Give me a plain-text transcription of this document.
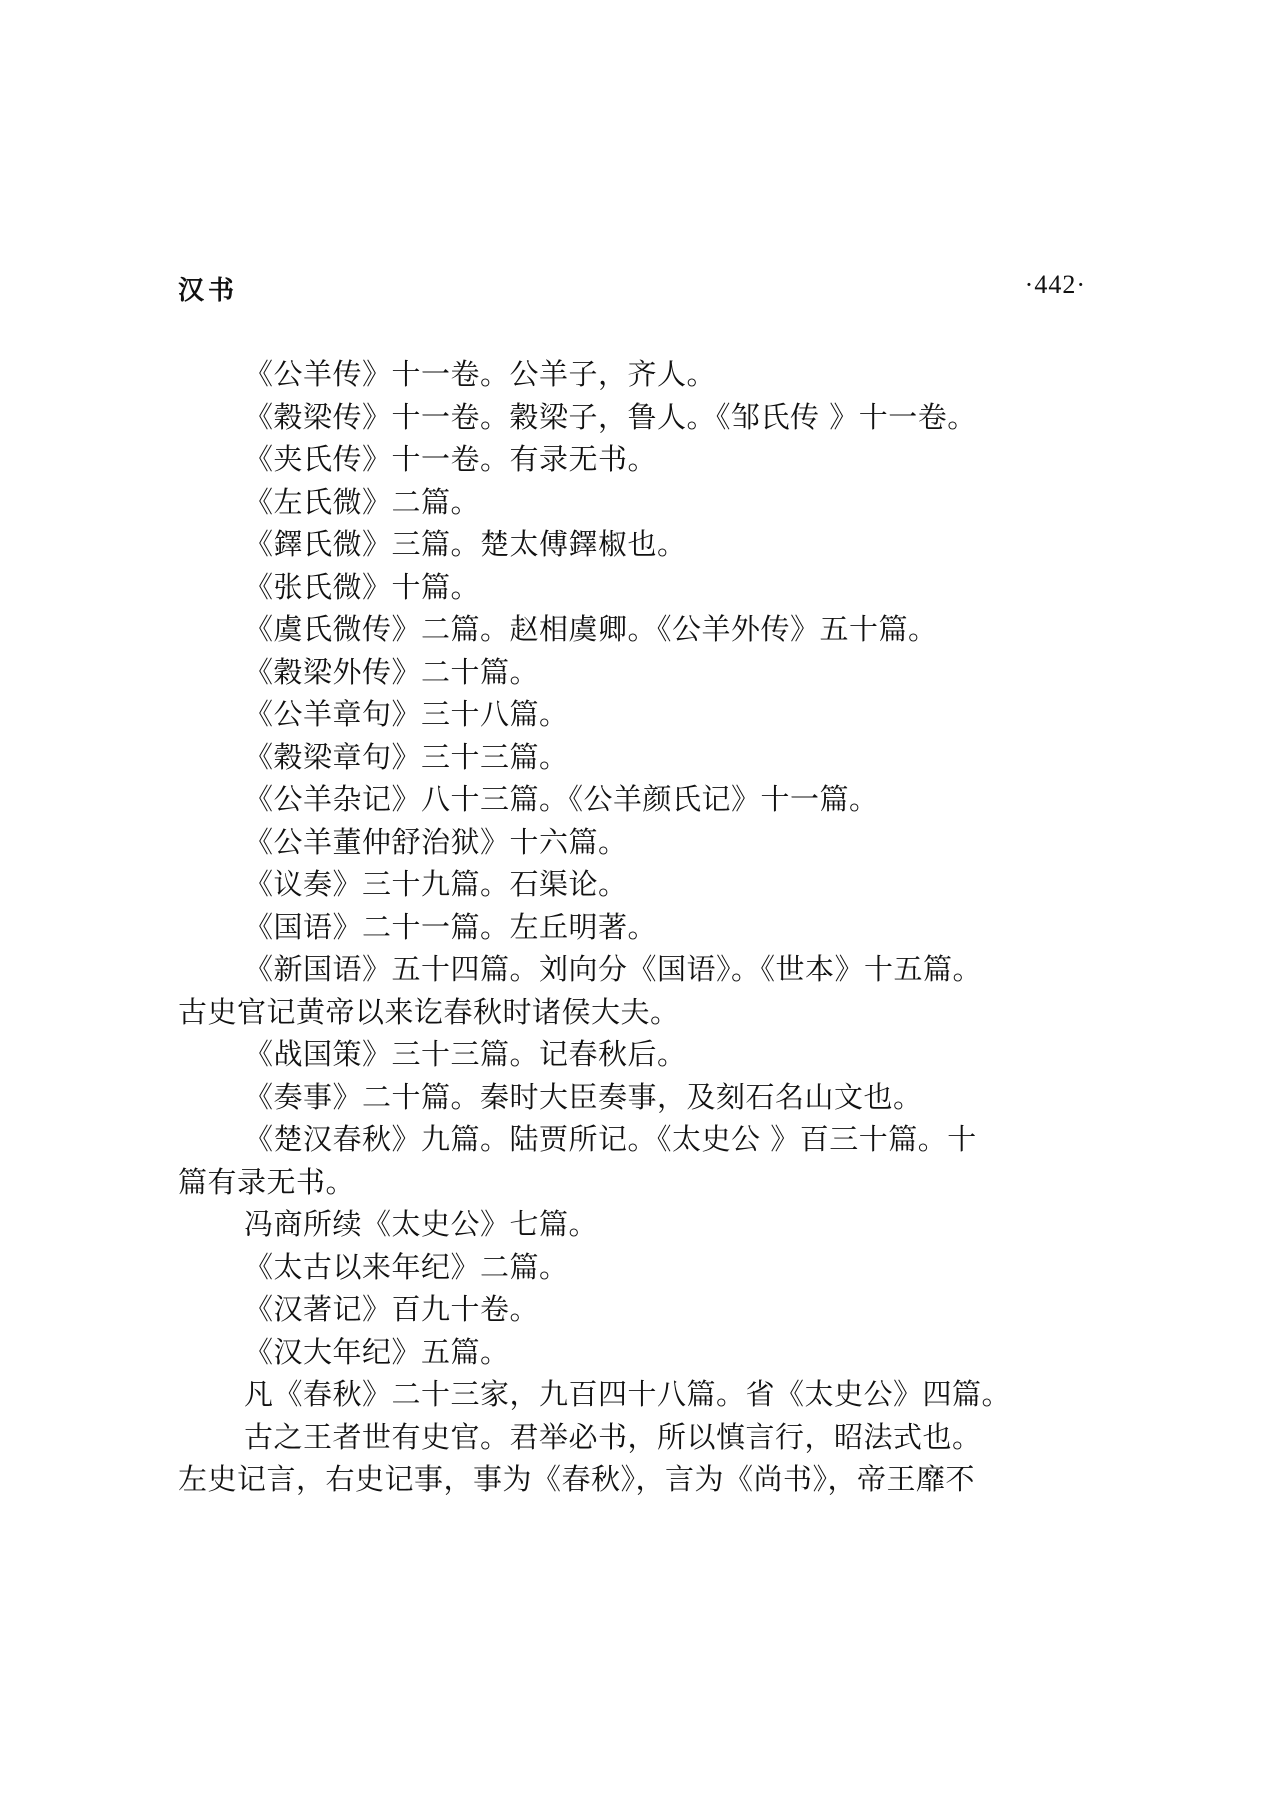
汉书	·442·
《公羊传》十一卷。公羊子，齐人。
《穀梁传》十一卷。穀梁子，鲁人。《邹氏传 》十一卷。
《夹氏传》十一卷。有录无书。
《左氏微》二篇。
《鐸氏微》三篇。楚太傅鐸椒也。
《张氏微》十篇。
《虞氏微传》二篇。赵相虞卿。《公羊外传》五十篇。
《穀梁外传》二十篇。
《公羊章句》三十八篇。
《穀梁章句》三十三篇。
《公羊杂记》八十三篇。《公羊颜氏记》十一篇。
《公羊董仲舒治狱》十六篇。
《议奏》三十九篇。石渠论。
《国语》二十一篇。左丘明著。
《新国语》五十四篇。刘向分《国语》。《世本》十五篇。
古史官记黄帝以来讫春秋时诸侯大夫。
《战国策》三十三篇。记春秋后。
《奏事》二十篇。秦时大臣奏事，及刻石名山文也。
《楚汉春秋》九篇。陆贾所记。《太史公 》百三十篇。十
篇有录无书。
冯商所续《太史公》七篇。
《太古以来年纪》二篇。
《汉著记》百九十卷。
《汉大年纪》五篇。
凡《春秋》二十三家，九百四十八篇。省《太史公》四篇。
古之王者世有史官。君举必书，所以慎言行，昭法式也。
左史记言，右史记事，事为《春秋》，言为《尚书》，帝王靡不
